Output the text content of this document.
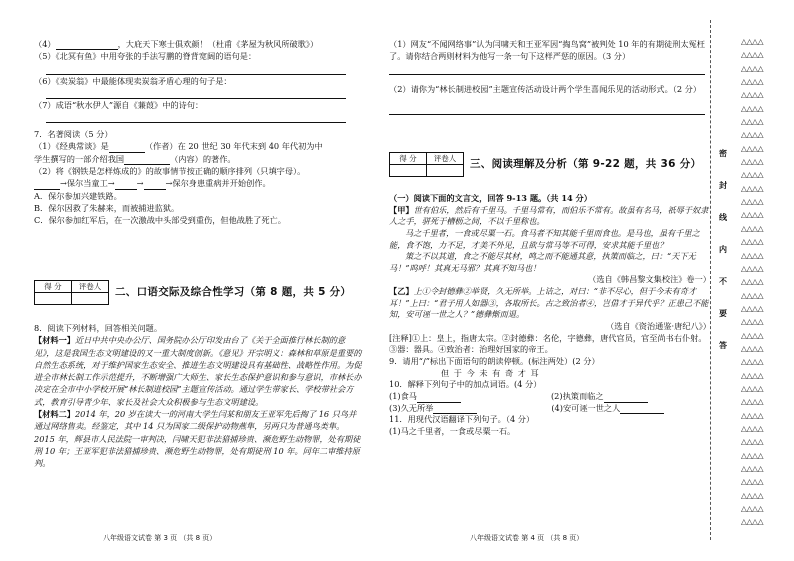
（4）	，大庇天下寒士俱欢颜！（杜甫《茅屋为秋风所破歌》）

（5）《北冥有鱼》中用夸张的手法写鹏的脊背宽阔的语句是：

（6）《卖炭翁》中最能体现卖炭翁矛盾心理的句子是：

（7）成语“秋水伊人”源自《蒹葭》中的诗句：

7．名著阅读（5 分）

（1）《经典常谈》是	（作者）在 20 世纪 30 年代末到 40 年代初为中

学生撰写的一部介绍我国	（内容）的著作。

（2）将《钢铁是怎样炼成的》的故事情节按正确的顺序排列（只填字母）。

→保尔当童工→	→	→保尔身患重病并开始创作。

A．保尔参加兴建铁路。

B．保尔因救了朱赫来，而被捕进监狱。

C．保尔参加红军后，在一次激战中头部受到重伤，但他战胜了死亡。

得 分	评卷人
	二、口语交际及综合性学习（第 8 题，共 5 分）

8．阅读下列材料，回答相关问题。

【材料一】近日中共中央办公厅、国务院办公厅印发由台了《关于全面推行林长制的意见》，这是我国生态文明建设的又一重大制度创新。《意见》开宗明义：森林和草原是重要的自然生态系统，对于维护国家生态安全、推进生态文明建设具有基础性、战略性作用。为促进全市林长制工作示范提升，不断增强广大师生、家长生态保护意识和参与意识，市林长办决定在全市中小学校开展“林长制进校园”主题宣传活动。通过学生带家长、学校带社会方式，教育引导青少年、家长及社会大众积极参与生态文明建设。

【材料二】2014 年，20 岁在读大一的河南大学生闫某和朋友王亚军先后掏了 16 只鸟并通过网络售卖。经鉴定，其中 14 只为国家二级保护动物燕隼，另两只为普通鸟类隼。2015 年，辉县市人民法院一审判决，闫啸天犯非法猎捕珍贵、濒危野生动物罪，处有期徒刑 10 年；王亚军犯非法猎捕珍贵、濒危野生动物罪，处有期徒刑 10 年。同年二审维持原判。

八年级语文试卷 第 3 页 （共 8 页）

（1）网友“不闻网络事”认为闫啸天和王亚军因“掏鸟窝”被判处 10 年的有期徒刑太冤枉了。请你结合两则材料为他写一条一句下这样严惩的原因。（3 分）

（2）请你为“林长制进校园”主题宣传活动设计两个学生喜闻乐见的活动形式。（2 分）

得 分	评卷人
	三、阅读理解及分析（第 9-22 题，共 36 分）

（一）阅读下面的文言文，回答 9-13 题。（共 14 分）

【甲】世有伯乐，然后有千里马。千里马常有，而伯乐不常有。故虽有名马，祇辱于奴隶人之手，骈死于槽枥之间，不以千里称也。

马之千里者，一食或尽粟一石。食马者不知其能千里而食也。是马也，虽有千里之能，食不饱，力不足，才美不外见，且欲与常马等不可得，安求其能千里也？

策之不以其道，食之不能尽其材，鸣之而不能通其意，执策而临之，曰：“天下无马！”呜呼！其真无马邪？其真不知马也！

（选自《韩昌黎文集校注》卷一）

【乙】上①令封德彝②举贤，久无所举。上诘之，对曰：“非不尽心，但于今未有奇才耳！”上曰：“君子用人如器③，各取所长。古之致治者④，岂借才于异代乎？正患己不能知，安可诬一世之人？”德彝惭而退。

（选自《资治通鉴·唐纪八》）

[注释]①上：皇上，指唐太宗。②封德彝：名伦，字德彝，唐代官员，官至尚书右仆射。③器：器具。④致治者：治理好国家的帝王。

9．请用“/”标出下面语句的朗读停顿。(标注两处）(2 分）

但 于 今 未 有 奇 才 耳

10．解释下列句子中的加点词语。(4 分）

(1)食马	(2)执策而临之

(3)久无所举	(4)安可诬一世之人

11．用现代汉语翻译下列句子。（4 分）

(1)马之千里者，一食或尽粟一石。

八年级语文试卷 第 4 页 （共 8 页）
密
封
线
内
不
要
答
△△△△
△△△△
△△△△
△△△△
△△△△
△△△△
△△△△
△△△△
△△△△
△△△△
△△△△
△△△△
△△△△
△△△△
△△△△
△△△△
△△△△
△△△△
△△△△
△△△△
△△△△
△△△△
△△△△
△△△△
△△△△
△△△△
△△△△
△△△△
△△△△
△△△△
△△△△
△△△△
△△△△
△△△△
△△△△
△△△△
△△△△
